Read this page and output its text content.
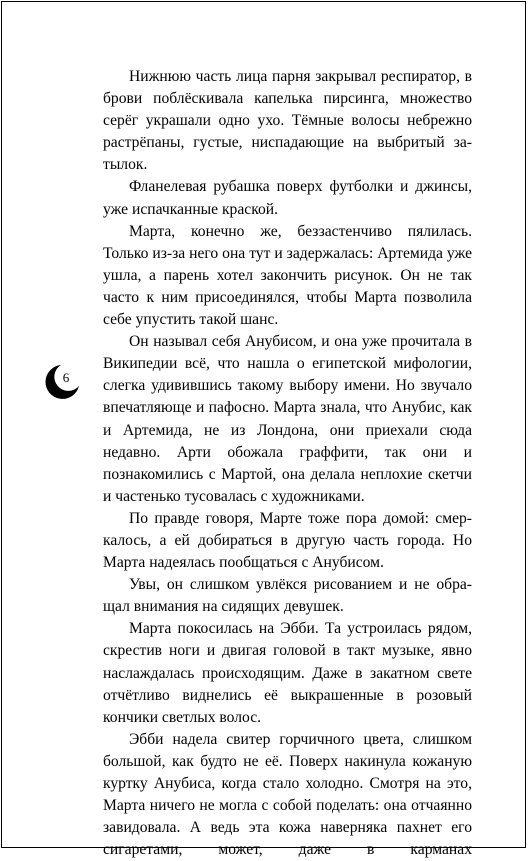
6

Нижнюю часть лица парня закрывал респиратор, в брови поблёскивала капелька пирсинга, множество серёг украшали одно ухо. Тёмные волосы небрежно растрёпаны, густые, ниспадающие на выбритый затылок.

Фланелевая рубашка поверх футболки и джинсы, уже испачканные краской.

Марта, конечно же, беззастенчиво пялилась. Только из-за него она тут и задержалась: Артемида уже ушла, а парень хотел закончить рисунок. Он не так часто к ним присоединялся, чтобы Марта позволила себе упустить такой шанс.

Он называл себя Анубисом, и она уже прочитала в Википедии всё, что нашла о египетской мифологии, слегка удивившись такому выбору имени. Но звучало впечатляюще и пафосно. Марта знала, что Анубис, как и Артемида, не из Лондона, они приехали сюда недавно. Арти обожала граффити, так они и познакомились с Мартой, она делала неплохие скетчи и частенько тусовалась с художниками.

По правде говоря, Марте тоже пора домой: смеркалось, а ей добираться в другую часть города. Но Марта надеялась пообщаться с Анубисом.

Увы, он слишком увлёкся рисованием и не обращал внимания на сидящих девушек.

Марта покосилась на Эбби. Та устроилась рядом, скрестив ноги и двигая головой в такт музыке, явно наслаждалась происходящим. Даже в закатном свете отчётливо виднелись её выкрашенные в розовый кончики светлых волос.

Эбби надела свитер горчичного цвета, слишком большой, как будто не её. Поверх накинула кожаную куртку Анубиса, когда стало холодно. Смотря на это, Марта ничего не могла с собой поделать: она отчаянно завидовала. А ведь эта кожа наверняка пахнет его сигаретами, может, даже в карманах
